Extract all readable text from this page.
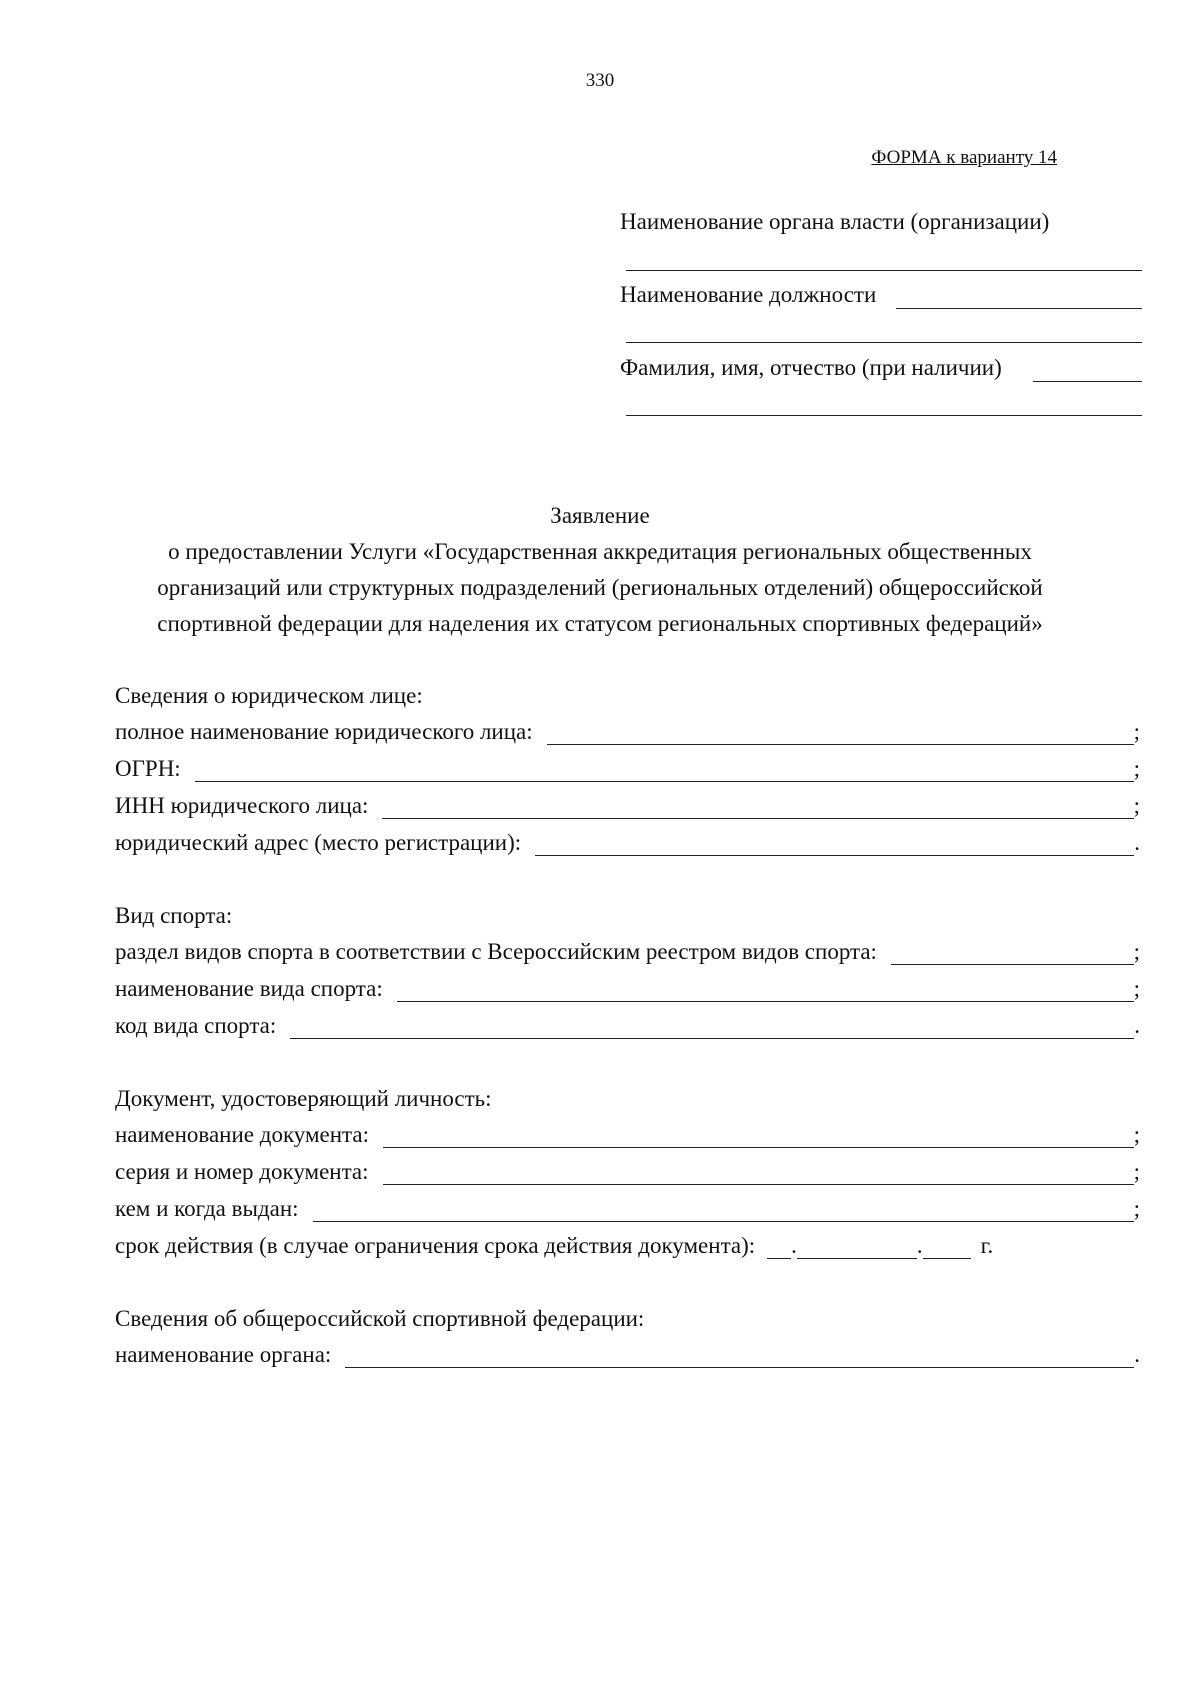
330
ФОРМА к варианту 14
Наименование органа власти (организации)
Наименование должности
Фамилия, имя, отчество (при наличии)
Заявление
о предоставлении Услуги «Государственная аккредитация региональных общественных
организаций или структурных подразделений (региональных отделений) общероссийской
спортивной федерации для наделения их статусом региональных спортивных федераций»
Сведения о юридическом лице:
полное наименование юридического лица:	;
ОГРН:	;
ИНН юридического лица:	;
юридический адрес (место регистрации):	.
Вид спорта:
раздел видов спорта в соответствии с Всероссийским реестром видов спорта:	;
наименование вида спорта:	;
код вида спорта:	.
Документ, удостоверяющий личность:
наименование документа:	;
серия и номер документа:	;
кем и когда выдан:	;
срок действия (в случае ограничения срока действия документа): .	.	г.
Сведения об общероссийской спортивной федерации:
наименование органа:	.
